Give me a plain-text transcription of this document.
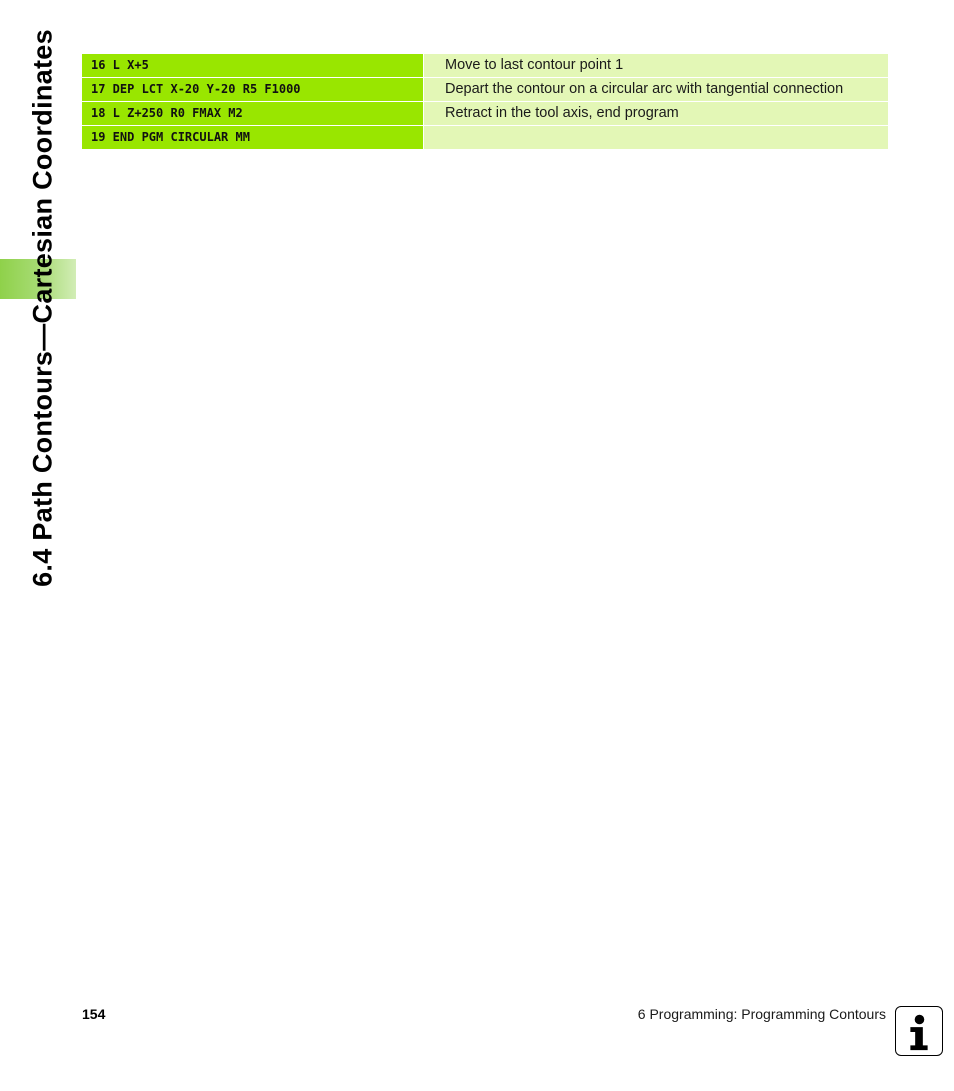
6.4 Path Contours—Cartesian Coordinates	16 L X+5	Move to last contour point 1
17 DEP LCT X-20 Y-20 R5 F1000	Depart the contour on a circular arc with tangential connection
18 L Z+250 R0 FMAX M2	Retract in the tool axis, end program
19 END PGM CIRCULAR MM
154	6 Programming: Programming Contours
